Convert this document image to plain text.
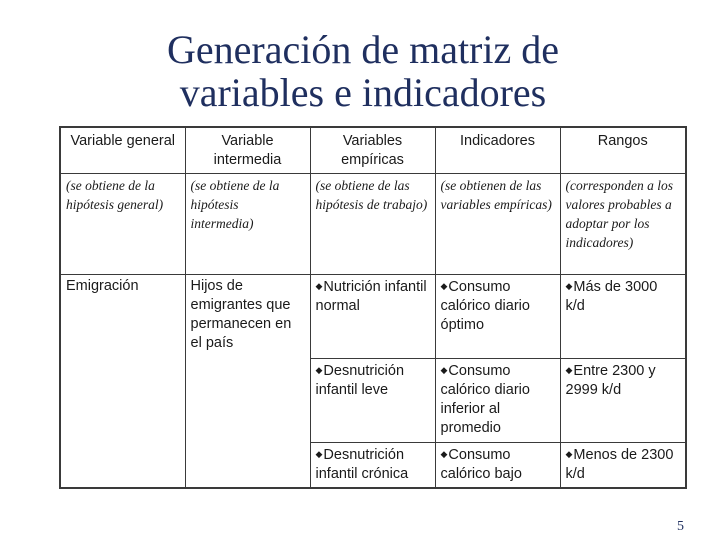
Generación de matriz de
variables e indicadores
Variable general	Variable intermedia	Variables empíricas	Indicadores	Rangos
(se obtiene de la hipótesis general)	(se obtiene de la hipótesis intermedia)	(se obtiene de las hipótesis de trabajo)	(se obtienen de las variables empíricas)	(corresponden a los valores probables a adoptar por los indicadores)
Emigración	Hijos de emigrantes que permanecen en el país	◆Nutrición infantil normal	◆Consumo calórico diario óptimo	◆Más de 3000 k/d
		◆Desnutrición infantil leve	◆Consumo calórico diario inferior al promedio	◆Entre 2300 y 2999 k/d
		◆Desnutrición infantil crónica	◆Consumo calórico bajo	◆Menos de 2300 k/d
5
